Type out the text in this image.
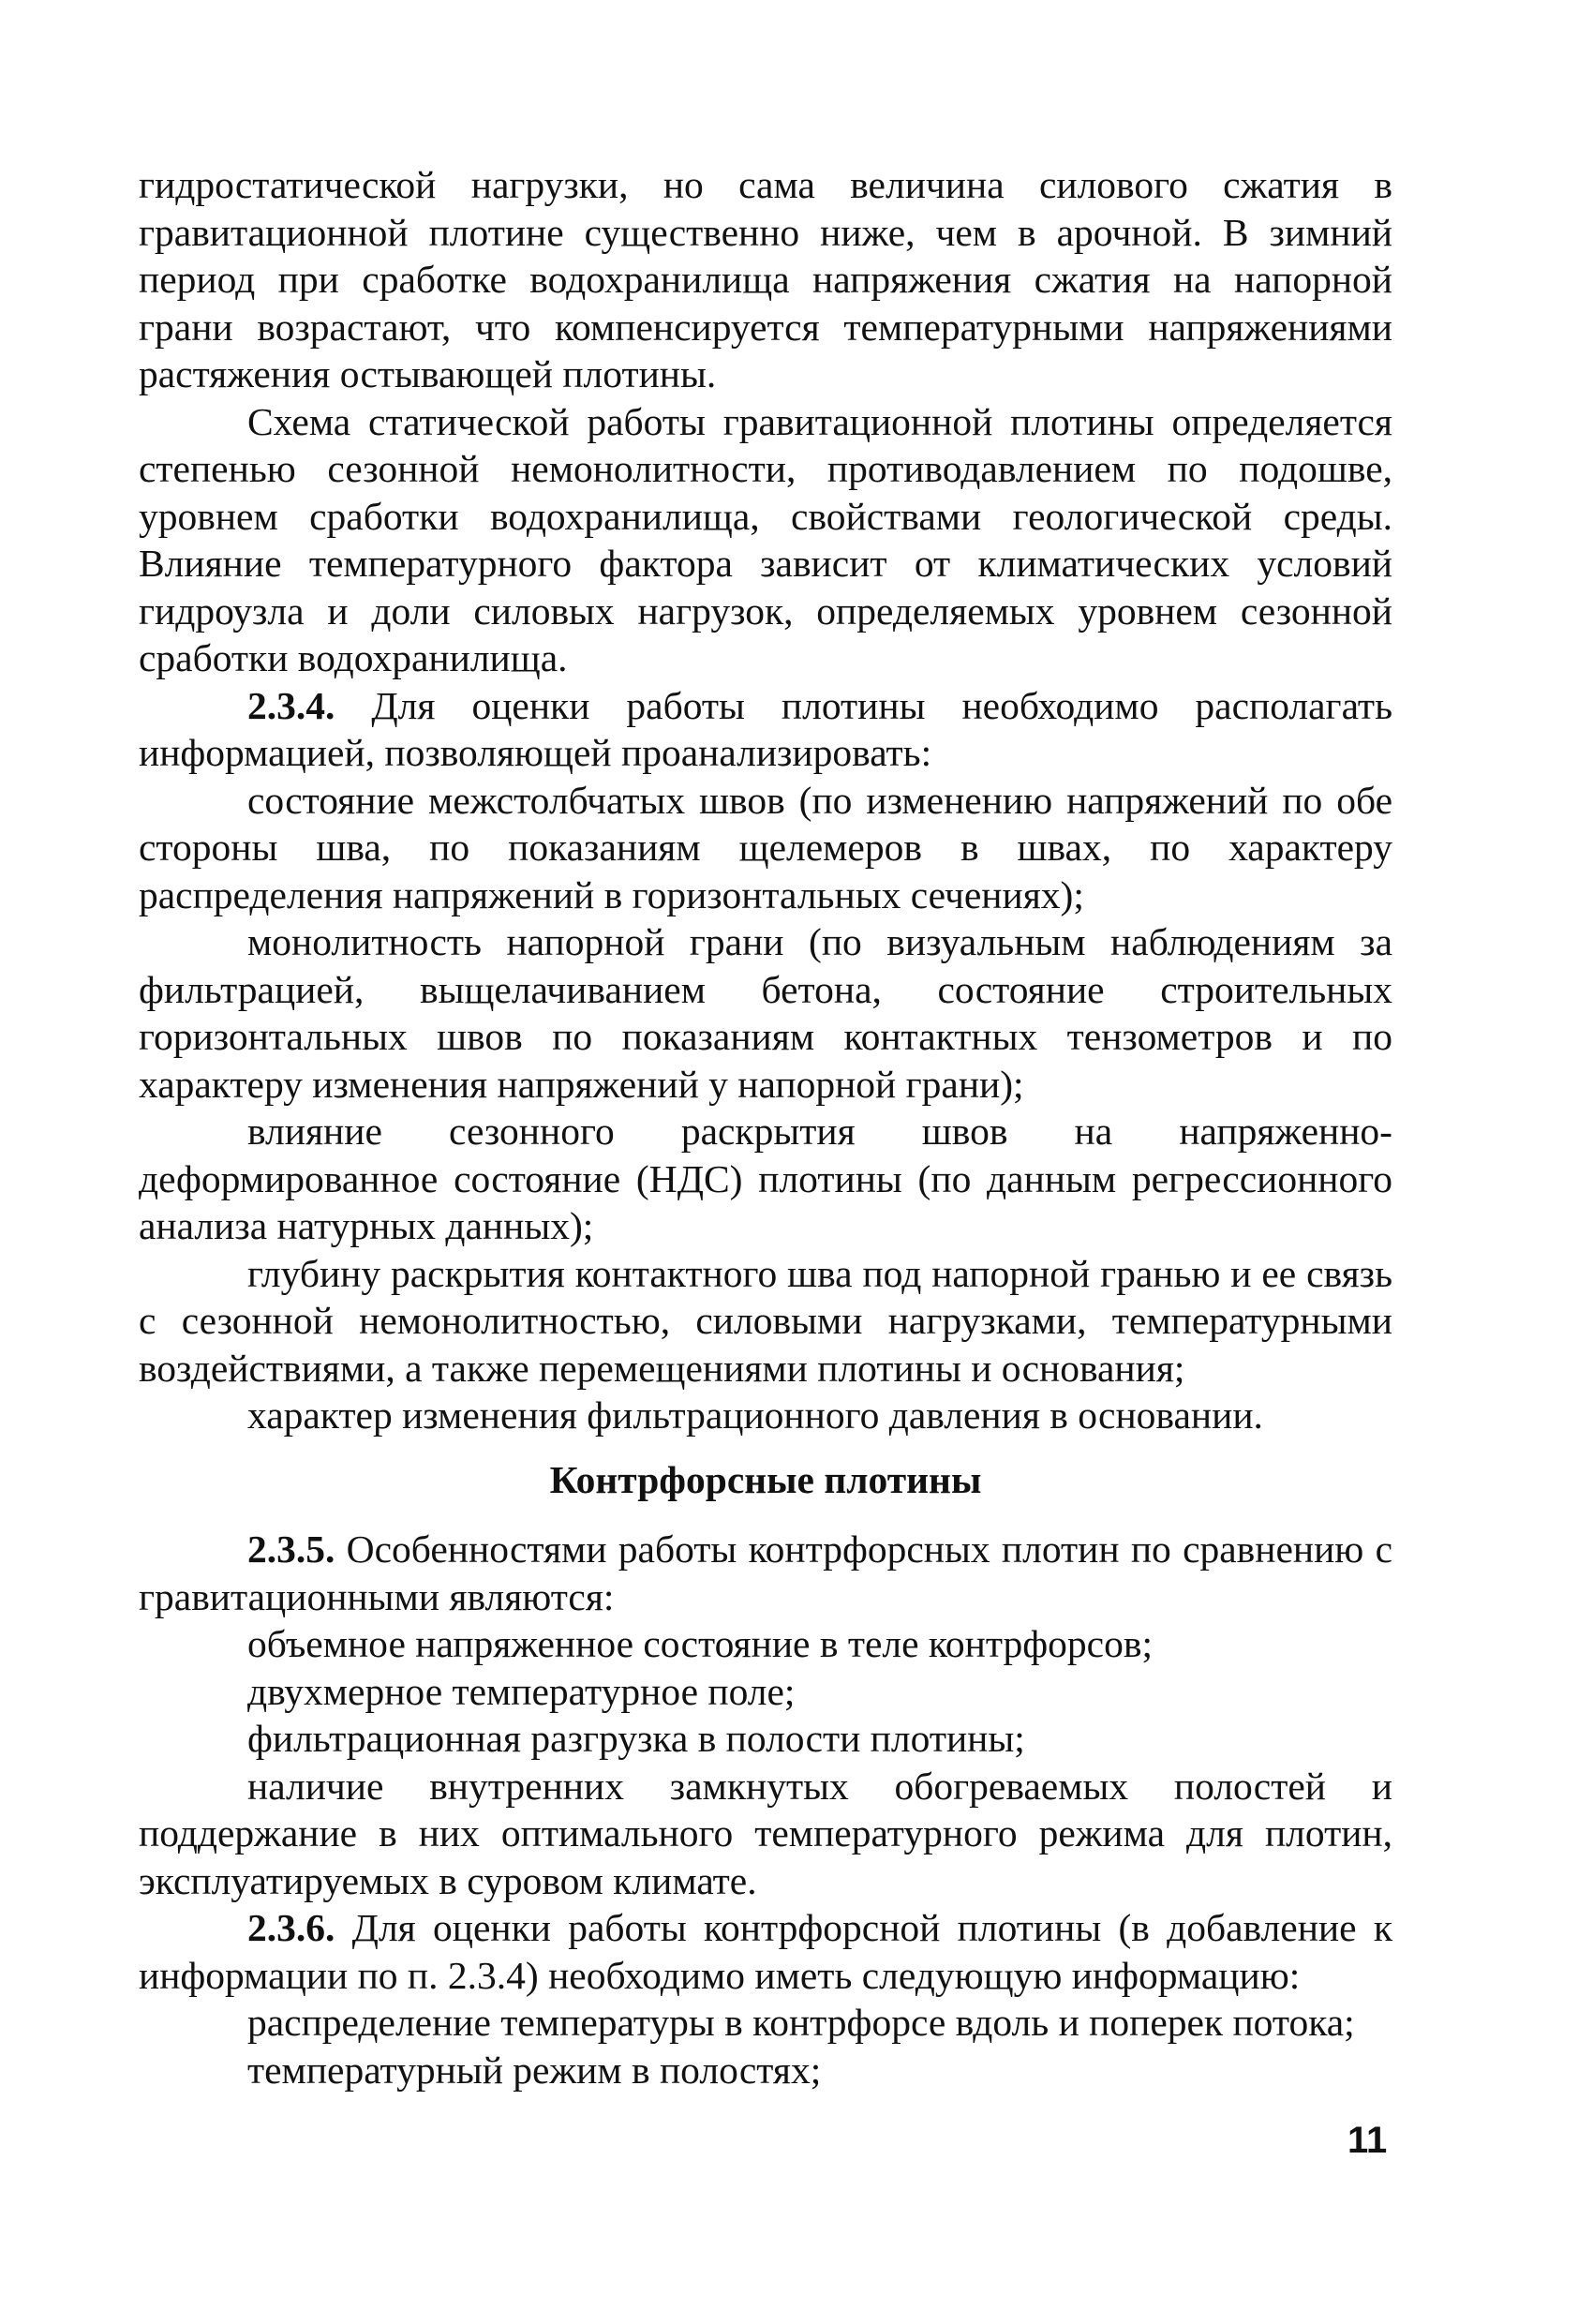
гидростатической нагрузки, но сама величина силового сжатия в гравитационной плотине существенно ниже, чем в арочной. В зимний период при сработке водохранилища напряжения сжатия на напорной грани возрастают, что компенсируется температурными напряжениями растяжения остывающей плотины.

Схема статической работы гравитационной плотины определяется степенью сезонной немонолитности, противодавлением по подошве, уровнем сработки водохранилища, свойствами геологической среды. Влияние температурного фактора зависит от климатических условий гидроузла и доли силовых нагрузок, определяемых уровнем сезонной сработки водохранилища.

2.3.4. Для оценки работы плотины необходимо располагать информацией, позволяющей проанализировать:

состояние межстолбчатых швов (по изменению напряжений по обе стороны шва, по показаниям щелемеров в швах, по характеру распределения напряжений в горизонтальных сечениях);

монолитность напорной грани (по визуальным наблюдениям за фильтрацией, выщелачиванием бетона, состояние строительных горизонтальных швов по показаниям контактных тензометров и по характеру изменения напряжений у напорной грани);

влияние сезонного раскрытия швов на напряженно-деформированное состояние (НДС) плотины (по данным регрессионного анализа натурных данных);

глубину раскрытия контактного шва под напорной гранью и ее связь с сезонной немонолитностью, силовыми нагрузками, температурными воздействиями, а также перемещениями плотины и основания;

характер изменения фильтрационного давления в основании.

Контрфорсные плотины

2.3.5. Особенностями работы контрфорсных плотин по сравнению с гравитационными являются:

объемное напряженное состояние в теле контрфорсов;

двухмерное температурное поле;

фильтрационная разгрузка в полости плотины;

наличие внутренних замкнутых обогреваемых полостей и поддержание в них оптимального температурного режима для плотин, эксплуатируемых в суровом климате.

2.3.6. Для оценки работы контрфорсной плотины (в добавление к информации по п. 2.3.4) необходимо иметь следующую информацию:

распределение температуры в контрфорсе вдоль и поперек потока;

температурный режим в полостях;

11
